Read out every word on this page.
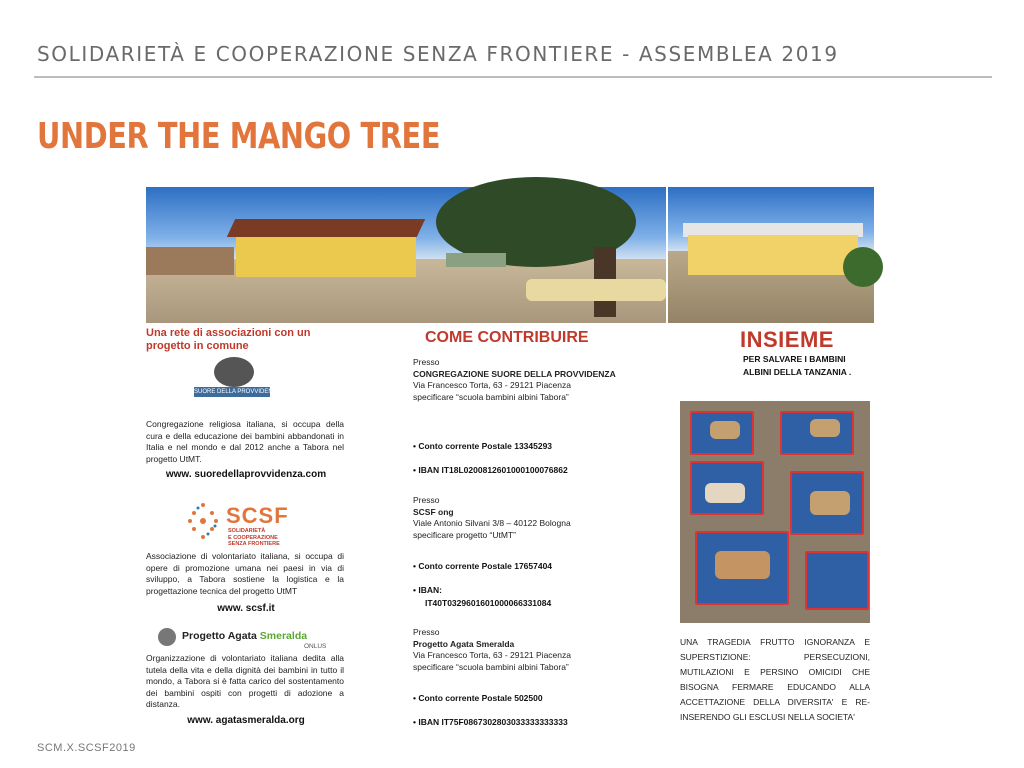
SOLIDARIETÀ E COOPERAZIONE SENZA FRONTIERE - ASSEMBLEA 2019
UNDER THE MANGO TREE
Una rete di associazioni con un progetto in comune
SUORE DELLA PROVVIDENZA
Congregazione religiosa italiana, si occupa della cura e della educazione dei bambini abbandonati in Italia e nel mondo e dal 2012 anche a Tabora nel progetto UtMT.
www. suoredellaprovvidenza.com
SCSF
SOLIDARIETÀ
E COOPERAZIONE
SENZA FRONTIERE
Associazione di volontariato italiana, si occupa di opere di promozione umana nei paesi in via di sviluppo, a Tabora sostiene la logistica e la progettazione tecnica del progetto UtMT
www. scsf.it
Progetto Agata Smeralda
ONLUS
Organizzazione di volontariato italiana dedita alla tutela della vita e della dignità dei bambini in tutto il mondo, a Tabora si è fatta carico del sostentamento dei bambini ospiti con progetti di adozione a distanza.
www. agatasmeralda.org
COME CONTRIBUIRE
Presso
CONGREGAZIONE SUORE DELLA PROVVIDENZA
Via Francesco Torta, 63 - 29121 Piacenza
specificare “scuola bambini albini Tabora”
• Conto corrente Postale 13345293
• IBAN IT18L0200812601000100076862
Presso
SCSF ong
Viale Antonio Silvani 3/8 – 40122 Bologna
specificare progetto “UtMT”
• Conto corrente Postale 17657404
• IBAN:
IT40T0329601601000066331084
Presso
Progetto Agata Smeralda
Via Francesco Torta, 63 - 29121 Piacenza
specificare “scuola bambini albini Tabora”
• Conto corrente Postale 502500
• IBAN IT75F0867302803033333333333
INSIEME
PER SALVARE I BAMBINI ALBINI DELLA TANZANIA .
UNA TRAGEDIA FRUTTO IGNORANZA E SUPERSTIZIONE: PERSECUZIONI, MUTILAZIONI E PERSINO OMICIDI CHE BISOGNA FERMARE EDUCANDO ALLA ACCETTAZIONE DELLA DIVERSITA' E RE-INSERENDO GLI ESCLUSI NELLA SOCIETA'
SCM.X.SCSF2019
